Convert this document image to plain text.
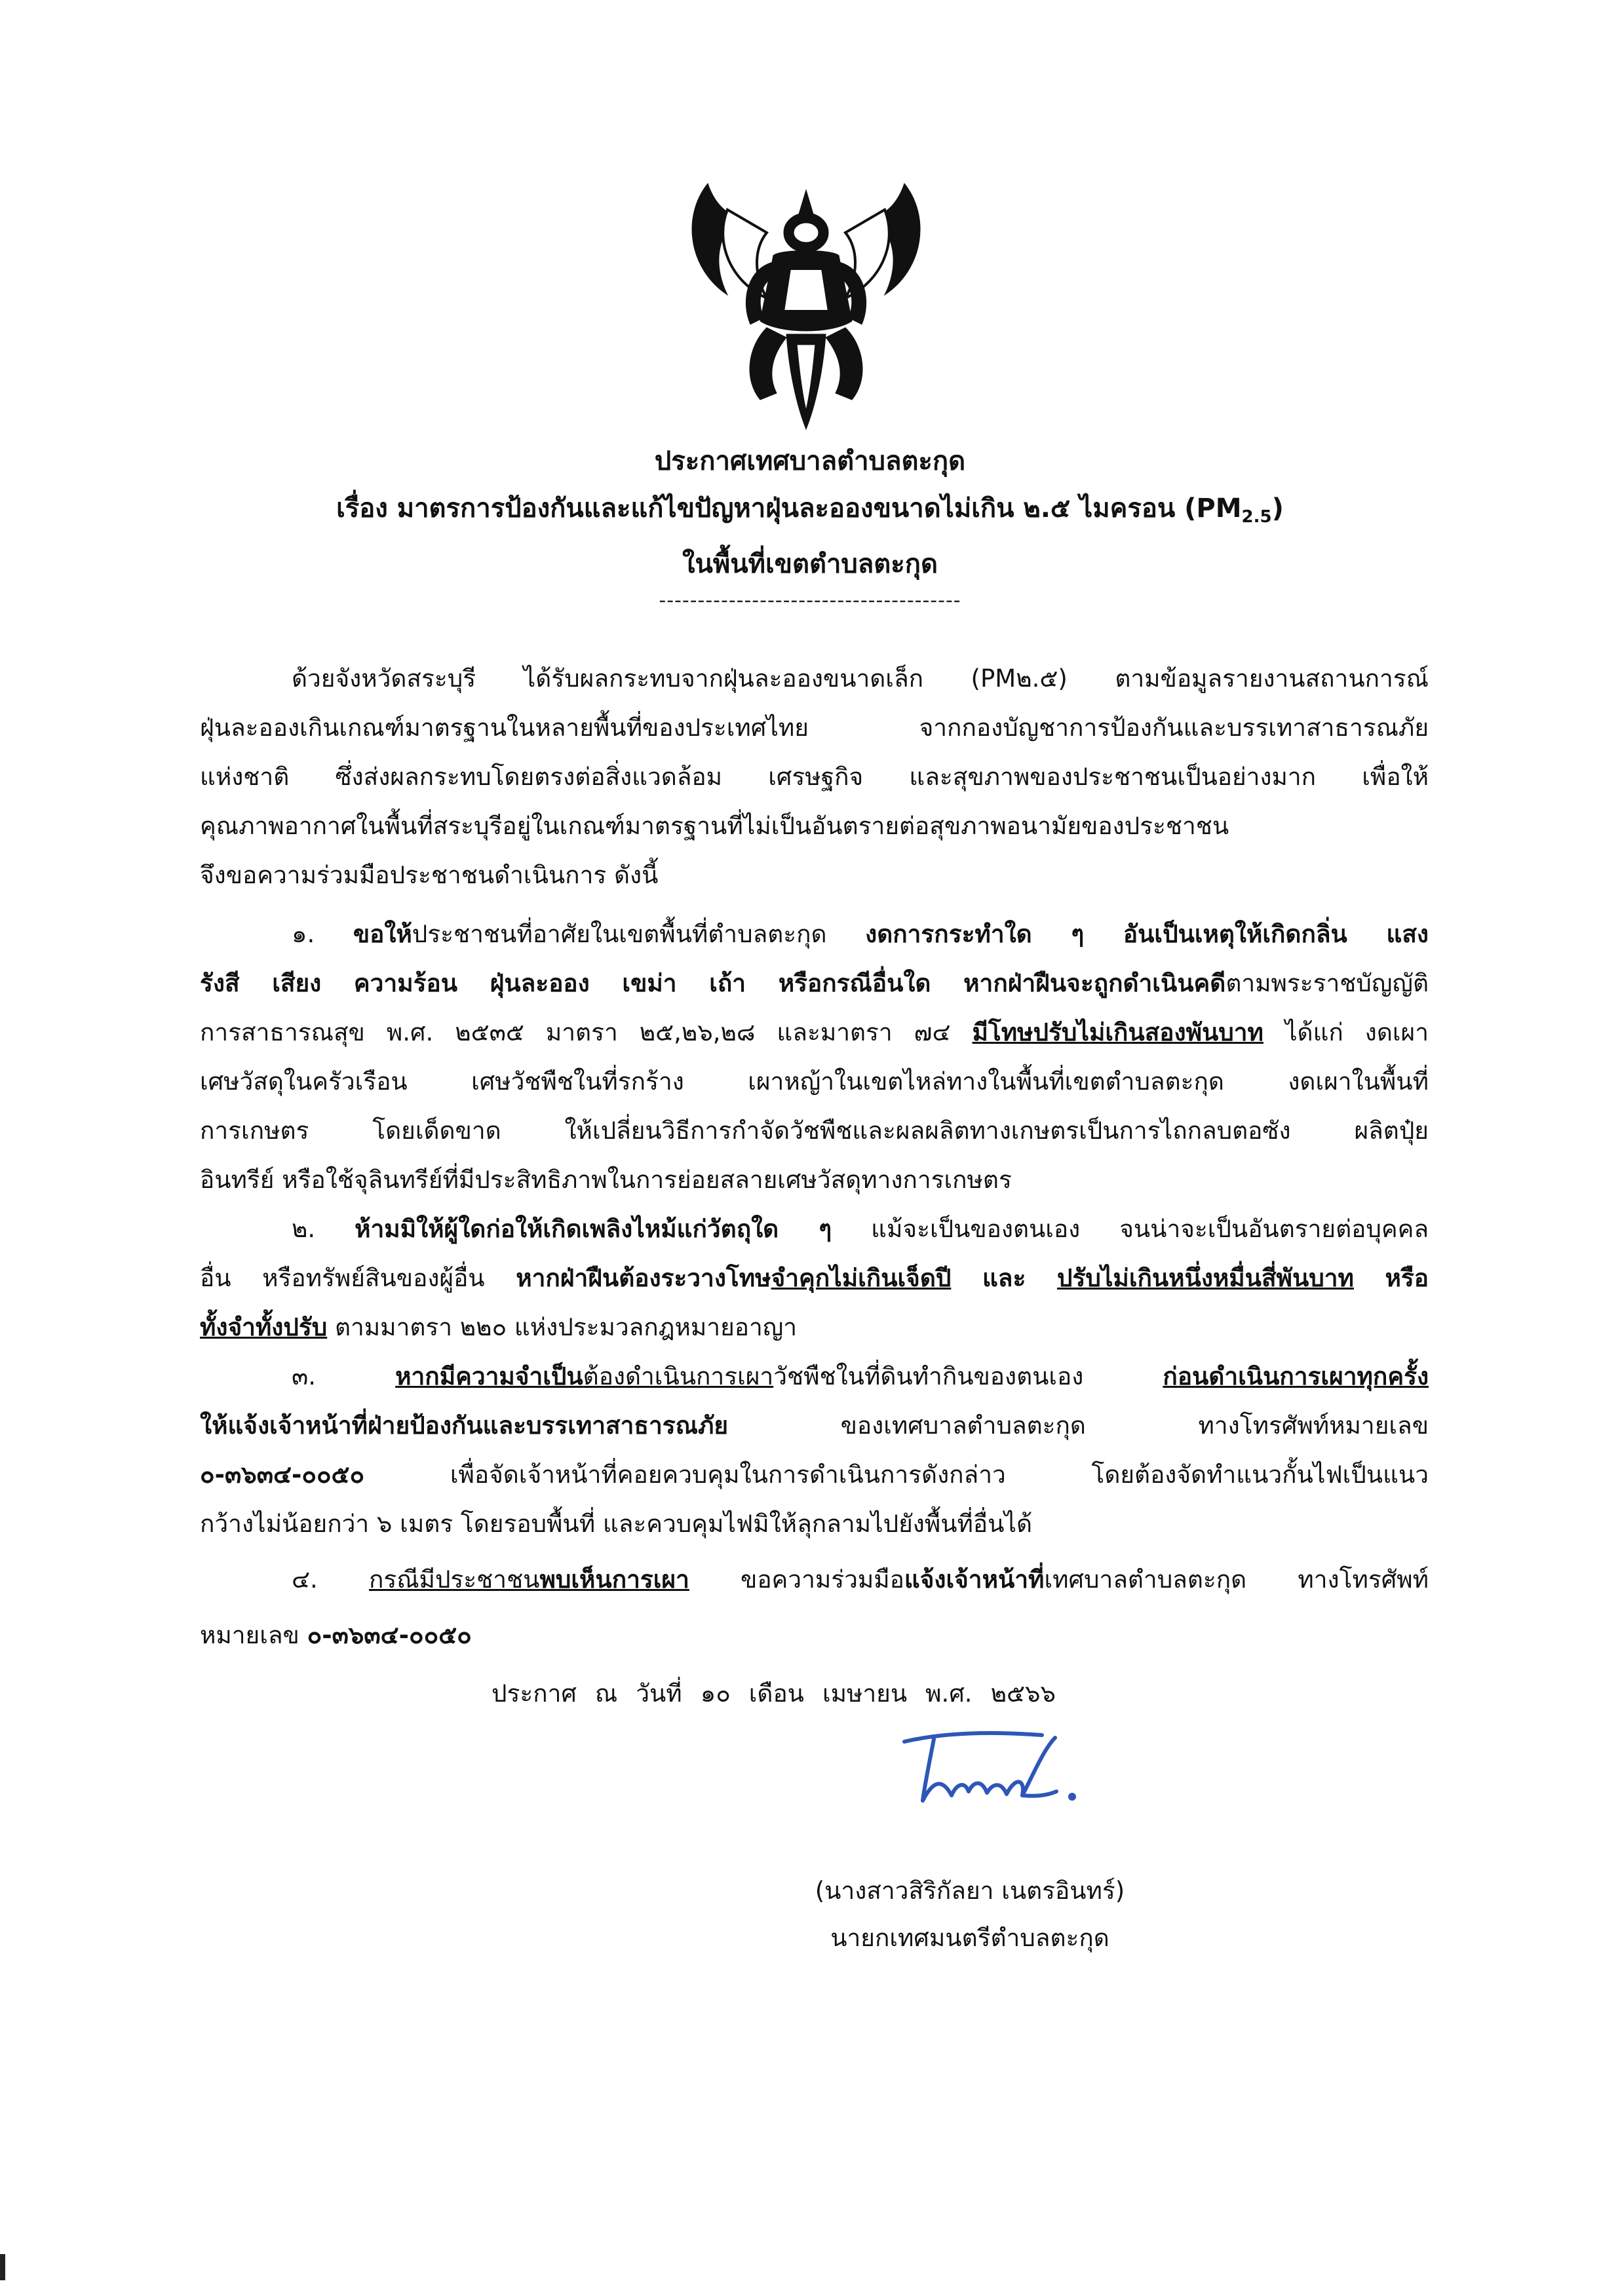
ประกาศเทศบาลตำบลตะกุด
เรื่อง มาตรการป้องกันและแก้ไขปัญหาฝุ่นละอองขนาดไม่เกิน ๒.๕ ไมครอน $(PM_{2.5})$
ในพื้นที่เขตตำบลตะกุด
---------------------------------------
ด้วยจังหวัดสระบุรี ได้รับผลกระทบจากฝุ่นละอองขนาดเล็ก (PM๒.๕) ตามข้อมูลรายงานสถานการณ์
ฝุ่นละอองเกินเกณฑ์มาตรฐานในหลายพื้นที่ของประเทศไทย จากกองบัญชาการป้องกันและบรรเทาสาธารณภัย
แห่งชาติ ซึ่งส่งผลกระทบโดยตรงต่อสิ่งแวดล้อม เศรษฐกิจ และสุขภาพของประชาชนเป็นอย่างมาก เพื่อให้
คุณภาพอากาศในพื้นที่สระบุรีอยู่ในเกณฑ์มาตรฐานที่ไม่เป็นอันตรายต่อสุขภาพอนามัยของประชาชน
จึงขอความร่วมมือประชาชนดำเนินการ ดังนี้
๑. ขอให้ประชาชนที่อาศัยในเขตพื้นที่ตำบลตะกุด งดการกระทำใด ๆ อันเป็นเหตุให้เกิดกลิ่น แสง
รังสี เสียง ความร้อน ฝุ่นละออง เขม่า เถ้า หรือกรณีอื่นใด หากฝ่าฝืนจะถูกดำเนินคดีตามพระราชบัญญัติ
การสาธารณสุข พ.ศ. ๒๕๓๕ มาตรา ๒๕,๒๖,๒๘ และมาตรา ๗๔ มีโทษปรับไม่เกินสองพันบาท ได้แก่ งดเผา
เศษวัสดุในครัวเรือน เศษวัชพืชในที่รกร้าง เผาหญ้าในเขตไหล่ทางในพื้นที่เขตตำบลตะกุด งดเผาในพื้นที่
การเกษตร โดยเด็ดขาด ให้เปลี่ยนวิธีการกำจัดวัชพืชและผลผลิตทางเกษตรเป็นการไถกลบตอซัง ผลิตปุ๋ย
อินทรีย์ หรือใช้จุลินทรีย์ที่มีประสิทธิภาพในการย่อยสลายเศษวัสดุทางการเกษตร
๒. ห้ามมิให้ผู้ใดก่อให้เกิดเพลิงไหม้แก่วัตถุใด ๆ แม้จะเป็นของตนเอง จนน่าจะเป็นอันตรายต่อบุคคล
อื่น หรือทรัพย์สินของผู้อื่น หากฝ่าฝืนต้องระวางโทษจำคุกไม่เกินเจ็ดปี และ ปรับไม่เกินหนึ่งหมื่นสี่พันบาท หรือ
ทั้งจำทั้งปรับ ตามมาตรา ๒๒๐ แห่งประมวลกฎหมายอาญา
๓.	หากมีความจำเป็นต้องดำเนินการเผาวัชพืชในที่ดินทำกินของตนเอง	ก่อนดำเนินการเผาทุกครั้ง
ให้แจ้งเจ้าหน้าที่ฝ่ายป้องกันและบรรเทาสาธารณภัย	ของเทศบาลตำบลตะกุด ทางโทรศัพท์หมายเลข
๐-๓๖๓๔-๐๐๕๐	เพื่อจัดเจ้าหน้าที่คอยควบคุมในการดำเนินการดังกล่าว โดยต้องจัดทำแนวกั้นไฟเป็นแนว
กว้างไม่น้อยกว่า ๖ เมตร โดยรอบพื้นที่ และควบคุมไฟมิให้ลุกลามไปยังพื้นที่อื่นได้
๔. กรณีมีประชาชนพบเห็นการเผา ขอความร่วมมือแจ้งเจ้าหน้าที่เทศบาลตำบลตะกุด ทางโทรศัพท์
หมายเลข ๐-๓๖๓๔-๐๐๕๐
ประกาศ ณ วันที่ ๑๐ เดือน เมษายน พ.ศ. ๒๕๖๖
(นางสาวสิริกัลยา เนตรอินทร์)
นายกเทศมนตรีตำบลตะกุด
